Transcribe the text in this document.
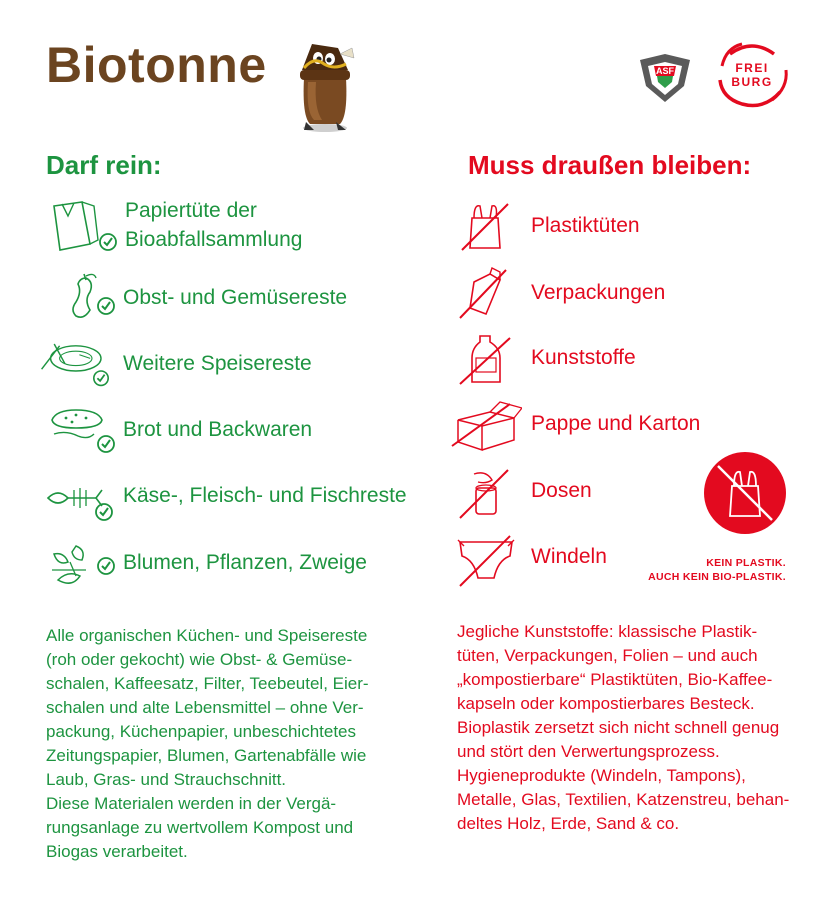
Biotonne	ASF	FREI
BURG
Darf rein:	Muss draußen bleiben:
Papiertüte der
Bioabfallsammlung
Obst- und Gemüsereste
Weitere Speisereste
Brot und Backwaren
Käse-, Fleisch- und Fischreste
Blumen, Pflanzen, Zweige
Plastiktüten
Verpackungen
Kunststoffe
Pappe und Karton
Dosen
Windeln	KEIN PLASTIK.
AUCH KEIN BIO-PLASTIK.

Alle organischen Küchen- und Speisereste

(roh oder gekocht) wie Obst- & Gemüse-

schalen, Kaffeesatz, Filter, Teebeutel, Eier-

schalen und alte Lebensmittel – ohne Ver-

packung, Küchenpapier, unbeschichtetes

Zeitungspapier, Blumen, Gartenabfälle wie

Laub, Gras- und Strauchschnitt.

Diese Materialen werden in der Vergä-

rungsanlage zu wertvollem Kompost und

Biogas verarbeitet.

Jegliche Kunststoffe: klassische Plastik-

tüten, Verpackungen, Folien – und auch

„kompostierbare“ Plastiktüten, Bio-Kaffee-

kapseln oder kompostierbares Besteck.

Bioplastik zersetzt sich nicht schnell genug

und stört den Verwertungsprozess.

Hygieneprodukte (Windeln, Tampons),

Metalle, Glas, Textilien, Katzenstreu, behan-

deltes Holz, Erde, Sand & co.
